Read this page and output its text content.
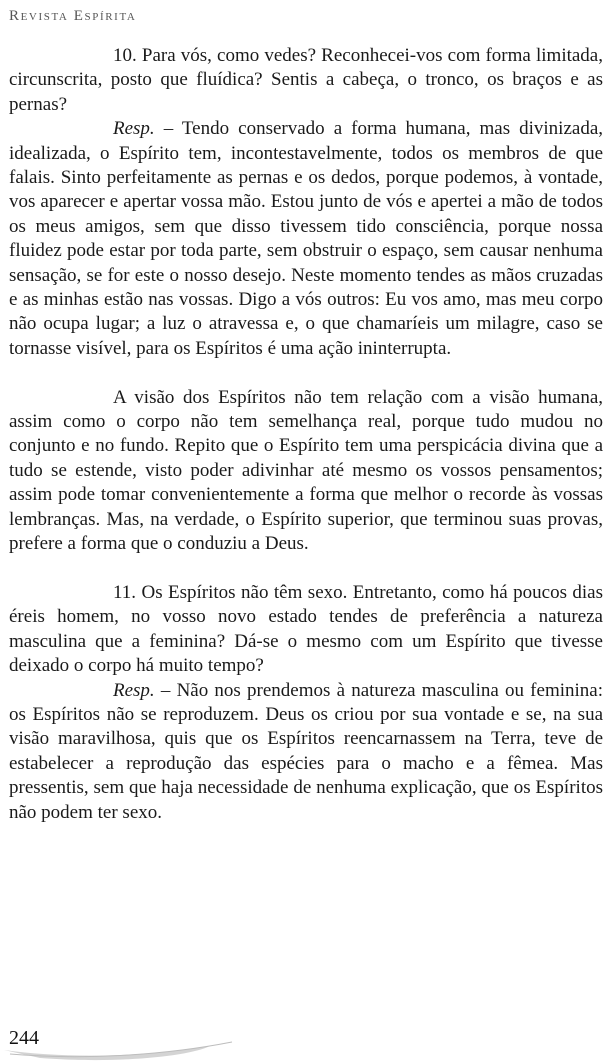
Revista Espírita

10. Para vós, como vedes? Reconhecei-vos com forma limitada, circunscrita, posto que fluídica? Sentis a cabeça, o tronco, os braços e as pernas?

Resp. – Tendo conservado a forma humana, mas divinizada, idealizada, o Espírito tem, incontestavelmente, todos os membros de que falais. Sinto perfeitamente as pernas e os dedos, porque podemos, à vontade, vos aparecer e apertar vossa mão. Estou junto de vós e apertei a mão de todos os meus amigos, sem que disso tivessem tido consciência, porque nossa fluidez pode estar por toda parte, sem obstruir o espaço, sem causar nenhuma sensação, se for este o nosso desejo. Neste momento tendes as mãos cruzadas e as minhas estão nas vossas. Digo a vós outros: Eu vos amo, mas meu corpo não ocupa lugar; a luz o atravessa e, o que chamaríeis um milagre, caso se tornasse visível, para os Espíritos é uma ação ininterrupta.

A visão dos Espíritos não tem relação com a visão humana, assim como o corpo não tem semelhança real, porque tudo mudou no conjunto e no fundo. Repito que o Espírito tem uma perspicácia divina que a tudo se estende, visto poder adivinhar até mesmo os vossos pensamentos; assim pode tomar convenientemente a forma que melhor o recorde às vossas lembranças. Mas, na verdade, o Espírito superior, que terminou suas provas, prefere a forma que o conduziu a Deus.

11. Os Espíritos não têm sexo. Entretanto, como há poucos dias éreis homem, no vosso novo estado tendes de preferência a natureza masculina que a feminina? Dá-se o mesmo com um Espírito que tivesse deixado o corpo há muito tempo?

Resp. – Não nos prendemos à natureza masculina ou feminina: os Espíritos não se reproduzem. Deus os criou por sua vontade e se, na sua visão maravilhosa, quis que os Espíritos reencarnassem na Terra, teve de estabelecer a reprodução das espécies para o macho e a fêmea. Mas pressentis, sem que haja necessidade de nenhuma explicação, que os Espíritos não podem ter sexo.

244
